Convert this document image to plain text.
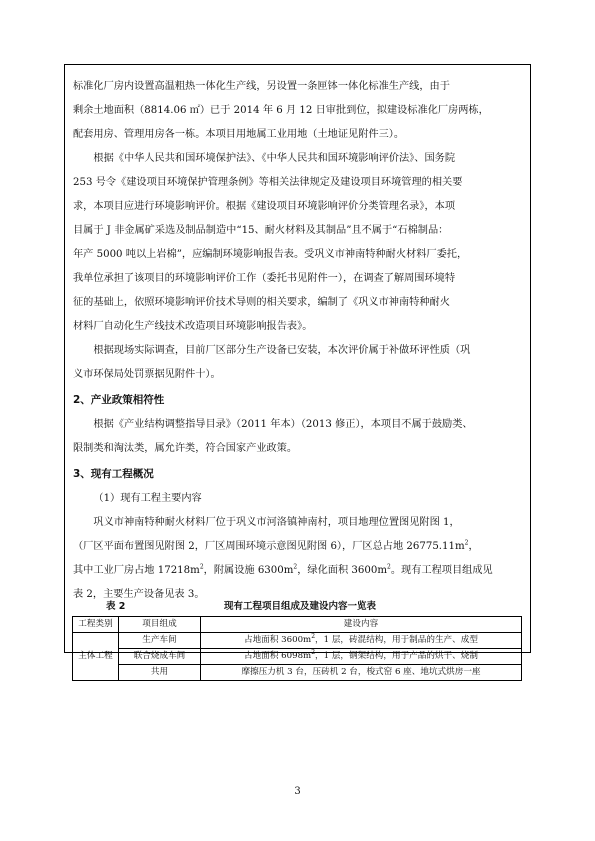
标准化厂房内设置高温粗热一体化生产线，另设置一条匣钵一体化标准生产线，由于

剩余土地面积（8814.06 ㎡）已于 2014 年 6 月 12 日审批到位，拟建设标准化厂房两栋，

配套用房、管理用房各一栋。本项目用地属工业用地（土地证见附件三）。

根据《中华人民共和国环境保护法》、《中华人民共和国环境影响评价法》、国务院

253 号令《建设项目环境保护管理条例》等相关法律规定及建设项目环境管理的相关要

求，本项目应进行环境影响评价。根据《建设项目环境影响评价分类管理名录》，本项

目属于 J 非金属矿采选及制品制造中“15、耐火材料及其制品”且不属于“石棉制品：

年产 5000 吨以上岩棉”，应编制环境影响报告表。受巩义市神南特种耐火材料厂委托，

我单位承担了该项目的环境影响评价工作（委托书见附件一），在调查了解周围环境特

征的基础上，依照环境影响评价技术导则的相关要求，编制了《巩义市神南特种耐火

材料厂自动化生产线技术改造项目环境影响报告表》。

根据现场实际调查，目前厂区部分生产设备已安装，本次评价属于补做环评性质（巩

义市环保局处罚票据见附件十）。

2、产业政策相符性

根据《产业结构调整指导目录》（2011 年本）（2013 修正），本项目不属于鼓励类、

限制类和淘汰类，属允许类，符合国家产业政策。

3、现有工程概况

（1）现有工程主要内容

巩义市神南特种耐火材料厂位于巩义市河洛镇神南村，项目地理位置图见附图 1，

（厂区平面布置图见附图 2，厂区周围环境示意图见附图 6），厂区总占地 $26775.11m^2$，

其中工业厂房占地 $17218m^2$，附属设施 $6300m^2$，绿化面积 $3600m^2$。现有工程项目组成见

表 2，主要生产设备见表 3。

表 2	现有工程项目组成及建设内容一览表
工程类别	项目组成	建设内容
主体工程	生产车间	占地面积 $3600m^2$，1 层，砖混结构，用于制品的生产、成型
	联合烧成车间	占地面积 $6098m^2$，1 层，钢架结构，用于产品的烘干、烧制
	共用	摩擦压力机 3 台，压砖机 2 台，梭式窑 6 座、地坑式烘房一座
3
